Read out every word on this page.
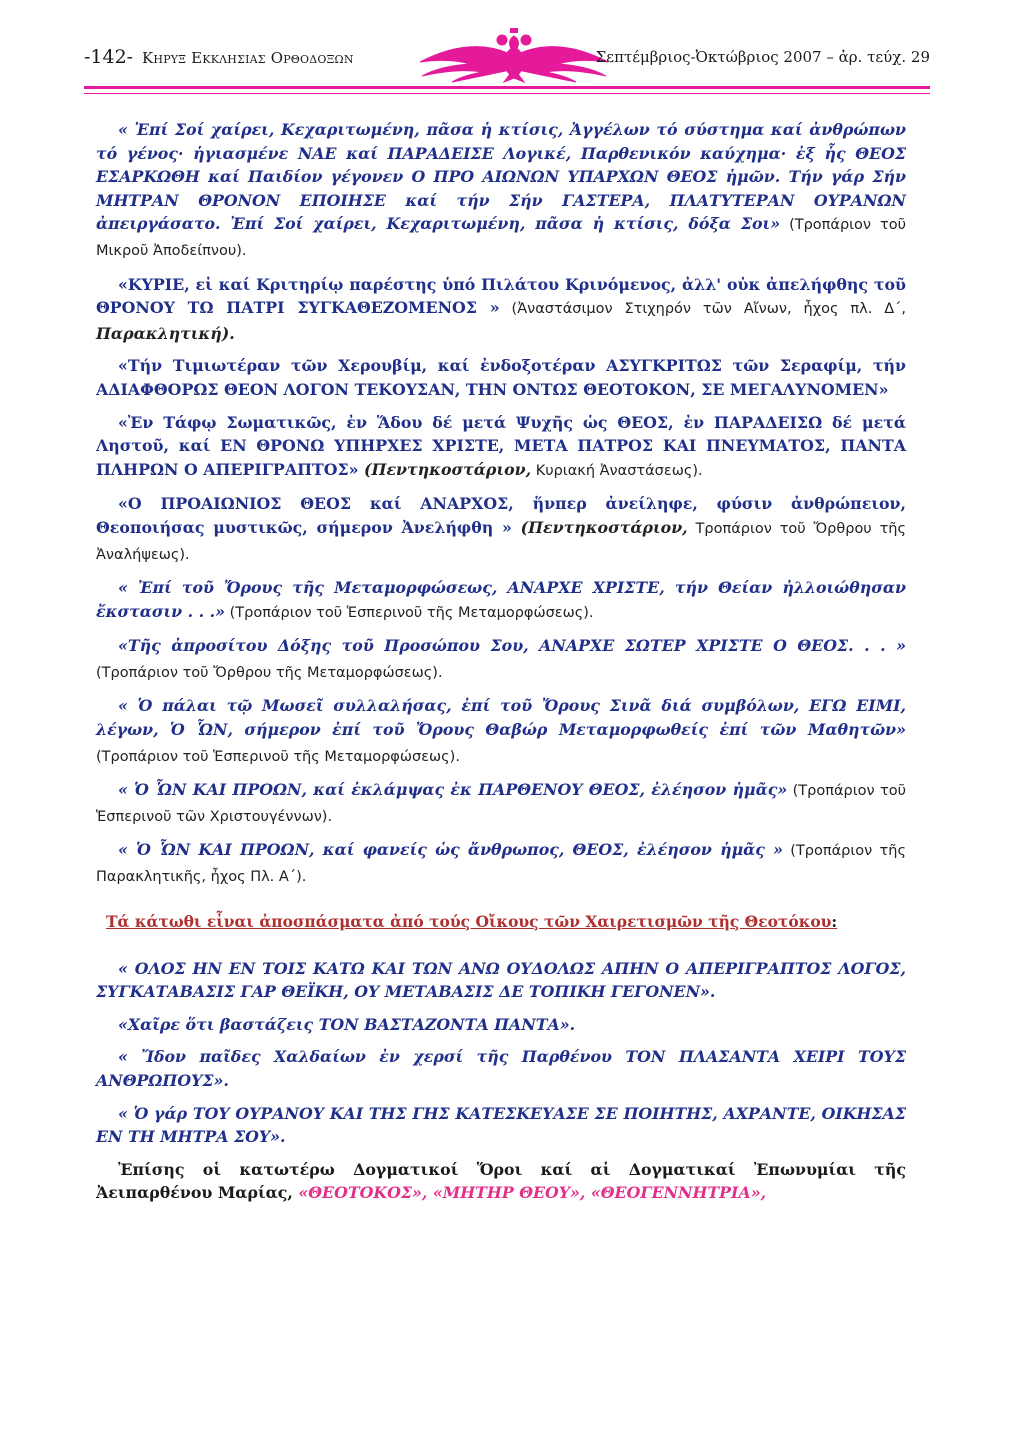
-142- Κηρυξ Εκκλησιας Ορθοδοξων	Σεπτέμβριος-Ὀκτώβριος 2007 – ἀρ. τεύχ. 29

« Ἐπί Σοί χαίρει, Κεχαριτωμένη, πᾶσα ἡ κτίσις, Ἀγγέλων τό σύστημα καί ἀνθρώπων τό γένος· ἡγιασμένε ΝΑΕ καί ΠΑΡΑΔΕΙΣΕ Λογικέ, Παρθενικόν καύχημα· ἐξ ἧς ΘΕΟΣ ΕΣΑΡΚΩΘΗ καί Παιδίον γέγονεν Ο ΠΡΟ ΑΙΩΝΩΝ ΥΠΑΡΧΩΝ ΘΕΟΣ ἡμῶν. Τήν γάρ Σήν ΜΗΤΡΑΝ ΘΡΟΝΟΝ ΕΠΟΙΗΣΕ καί τήν Σήν ΓΑΣΤΕΡΑ, ΠΛΑΤΥΤΕΡΑΝ ΟΥΡΑΝΩΝ ἀπειργάσατο. Ἐπί Σοί χαίρει, Κεχαριτωμένη, πᾶσα ἡ κτίσις, δόξα Σοι» (Τροπάριον τοῦ Μικροῦ Ἀποδείπνου).

«ΚΥΡΙΕ, εἰ καί Κριτηρίῳ παρέστης ὑπό Πιλάτου Κρινόμενος, ἀλλ' οὐκ ἀπελήφθης τοῦ ΘΡΟΝΟΥ ΤΩ ΠΑΤΡΙ ΣΥΓΚΑΘΕΖΟΜΕΝΟΣ » (Ἀναστάσιμον Στιχηρόν τῶν Αἴνων, ἦχος πλ. Δ΄, Παρακλητική).

«Τήν Τιμιωτέραν τῶν Χερουβίμ, καί ἐνδοξοτέραν ΑΣΥΓΚΡΙΤΩΣ τῶν Σεραφίμ, τήν ΑΔΙΑΦΘΟΡΩΣ ΘΕΟΝ ΛΟΓΟΝ ΤΕΚΟΥΣΑΝ, ΤΗΝ ΟΝΤΩΣ ΘΕΟΤΟΚΟΝ, ΣΕ ΜΕΓΑΛΥΝΟΜΕΝ»

«Ἐν Τάφῳ Σωματικῶς, ἐν Ἅδου δέ μετά Ψυχῆς ὡς ΘΕΟΣ, ἐν ΠΑΡΑΔΕΙΣΩ δέ μετά Ληστοῦ, καί ΕΝ ΘΡΟΝΩ ΥΠΗΡΧΕΣ ΧΡΙΣΤΕ, ΜΕΤΑ ΠΑΤΡΟΣ ΚΑΙ ΠΝΕΥΜΑΤΟΣ, ΠΑΝΤΑ ΠΛΗΡΩΝ Ο ΑΠΕΡΙΓΡΑΠΤΟΣ» (Πεντηκοστάριον, Κυριακή Ἀναστάσεως).

«Ο ΠΡΟΑΙΩΝΙΟΣ ΘΕΟΣ καί ΑΝΑΡΧΟΣ, ἥνπερ ἀνείληφε, φύσιν ἀνθρώπειον, Θεοποιήσας μυστικῶς, σήμερον Ἀνελήφθη » (Πεντηκοστάριον, Τροπάριον τοῦ Ὄρθρου τῆς Ἀναλήψεως).

« Ἐπί τοῦ Ὄρους τῆς Μεταμορφώσεως, ΑΝΑΡΧΕ ΧΡΙΣΤΕ, τήν Θείαν ἠλλοιώθησαν ἔκστασιν . . .» (Τροπάριον τοῦ Ἑσπερινοῦ τῆς Μεταμορφώσεως).

«Τῆς ἀπροσίτου Δόξης τοῦ Προσώπου Σου, ΑΝΑΡΧΕ ΣΩΤΕΡ ΧΡΙΣΤΕ Ο ΘΕΟΣ. . . » (Τροπάριον τοῦ Ὄρθρου τῆς Μεταμορφώσεως).

« Ὁ πάλαι τῷ Μωσεῖ συλλαλήσας, ἐπί τοῦ Ὄρους Σινᾶ διά συμβόλων, ΕΓΩ ΕΙΜΙ, λέγων, Ὁ ὯΝ, σήμερον ἐπί τοῦ Ὄρους Θαβώρ Μεταμορφωθείς ἐπί τῶν Μαθητῶν» (Τροπάριον τοῦ Ἑσπερινοῦ τῆς Μεταμορφώσεως).

« Ὁ ὯΝ ΚΑΙ ΠΡΟΩΝ, καί ἐκλάμψας ἐκ ΠΑΡΘΕΝΟΥ ΘΕΟΣ, ἐλέησον ἡμᾶς» (Τροπάριον τοῦ Ἑσπερινοῦ τῶν Χριστουγέννων).

« Ὁ ὯΝ ΚΑΙ ΠΡΟΩΝ, καί φανείς ὡς ἄνθρωπος, ΘΕΟΣ, ἐλέησον ἡμᾶς » (Τροπάριον τῆς Παρακλητικῆς, ἦχος Πλ. Α΄).

Τά κάτωθι εἶναι ἀποσπάσματα ἀπό τούς Οἴκους τῶν Χαιρετισμῶν τῆς Θεοτόκου:

« ΟΛΟΣ ΗΝ ΕΝ ΤΟΙΣ ΚΑΤΩ ΚΑΙ ΤΩΝ ΑΝΩ ΟΥΔΟΛΩΣ ΑΠΗΝ Ο ΑΠΕΡΙΓΡΑΠΤΟΣ ΛΟΓΟΣ, ΣΥΓΚΑΤΑΒΑΣΙΣ ΓΑΡ ΘΕΪΚΗ, ΟΥ ΜΕΤΑΒΑΣΙΣ ΔΕ ΤΟΠΙΚΗ ΓΕΓΟΝΕΝ».

«Χαῖρε ὅτι βαστάζεις ΤΟΝ ΒΑΣΤΑΖΟΝΤΑ ΠΑΝΤΑ».

« Ἴδον παῖδες Χαλδαίων ἐν χερσί τῆς Παρθένου ΤΟΝ ΠΛΑΣΑΝΤΑ ΧΕΙΡΙ ΤΟΥΣ ΑΝΘΡΩΠΟΥΣ».

« Ὁ γάρ ΤΟΥ ΟΥΡΑΝΟΥ ΚΑΙ ΤΗΣ ΓΗΣ ΚΑΤΕΣΚΕΥΑΣΕ ΣΕ ΠΟΙΗΤΗΣ, ΑΧΡΑΝΤΕ, ΟΙΚΗΣΑΣ ΕΝ ΤΗ ΜΗΤΡΑ ΣΟΥ».

Ἐπίσης οἱ κατωτέρω Δογματικοί Ὅροι καί αἱ Δογματικαί Ἐπωνυμίαι τῆς Ἀειπαρθένου Μαρίας, «ΘΕΟΤΟΚΟΣ», «ΜΗΤΗΡ ΘΕΟΥ», «ΘΕΟΓΕΝΝΗΤΡΙΑ»,
